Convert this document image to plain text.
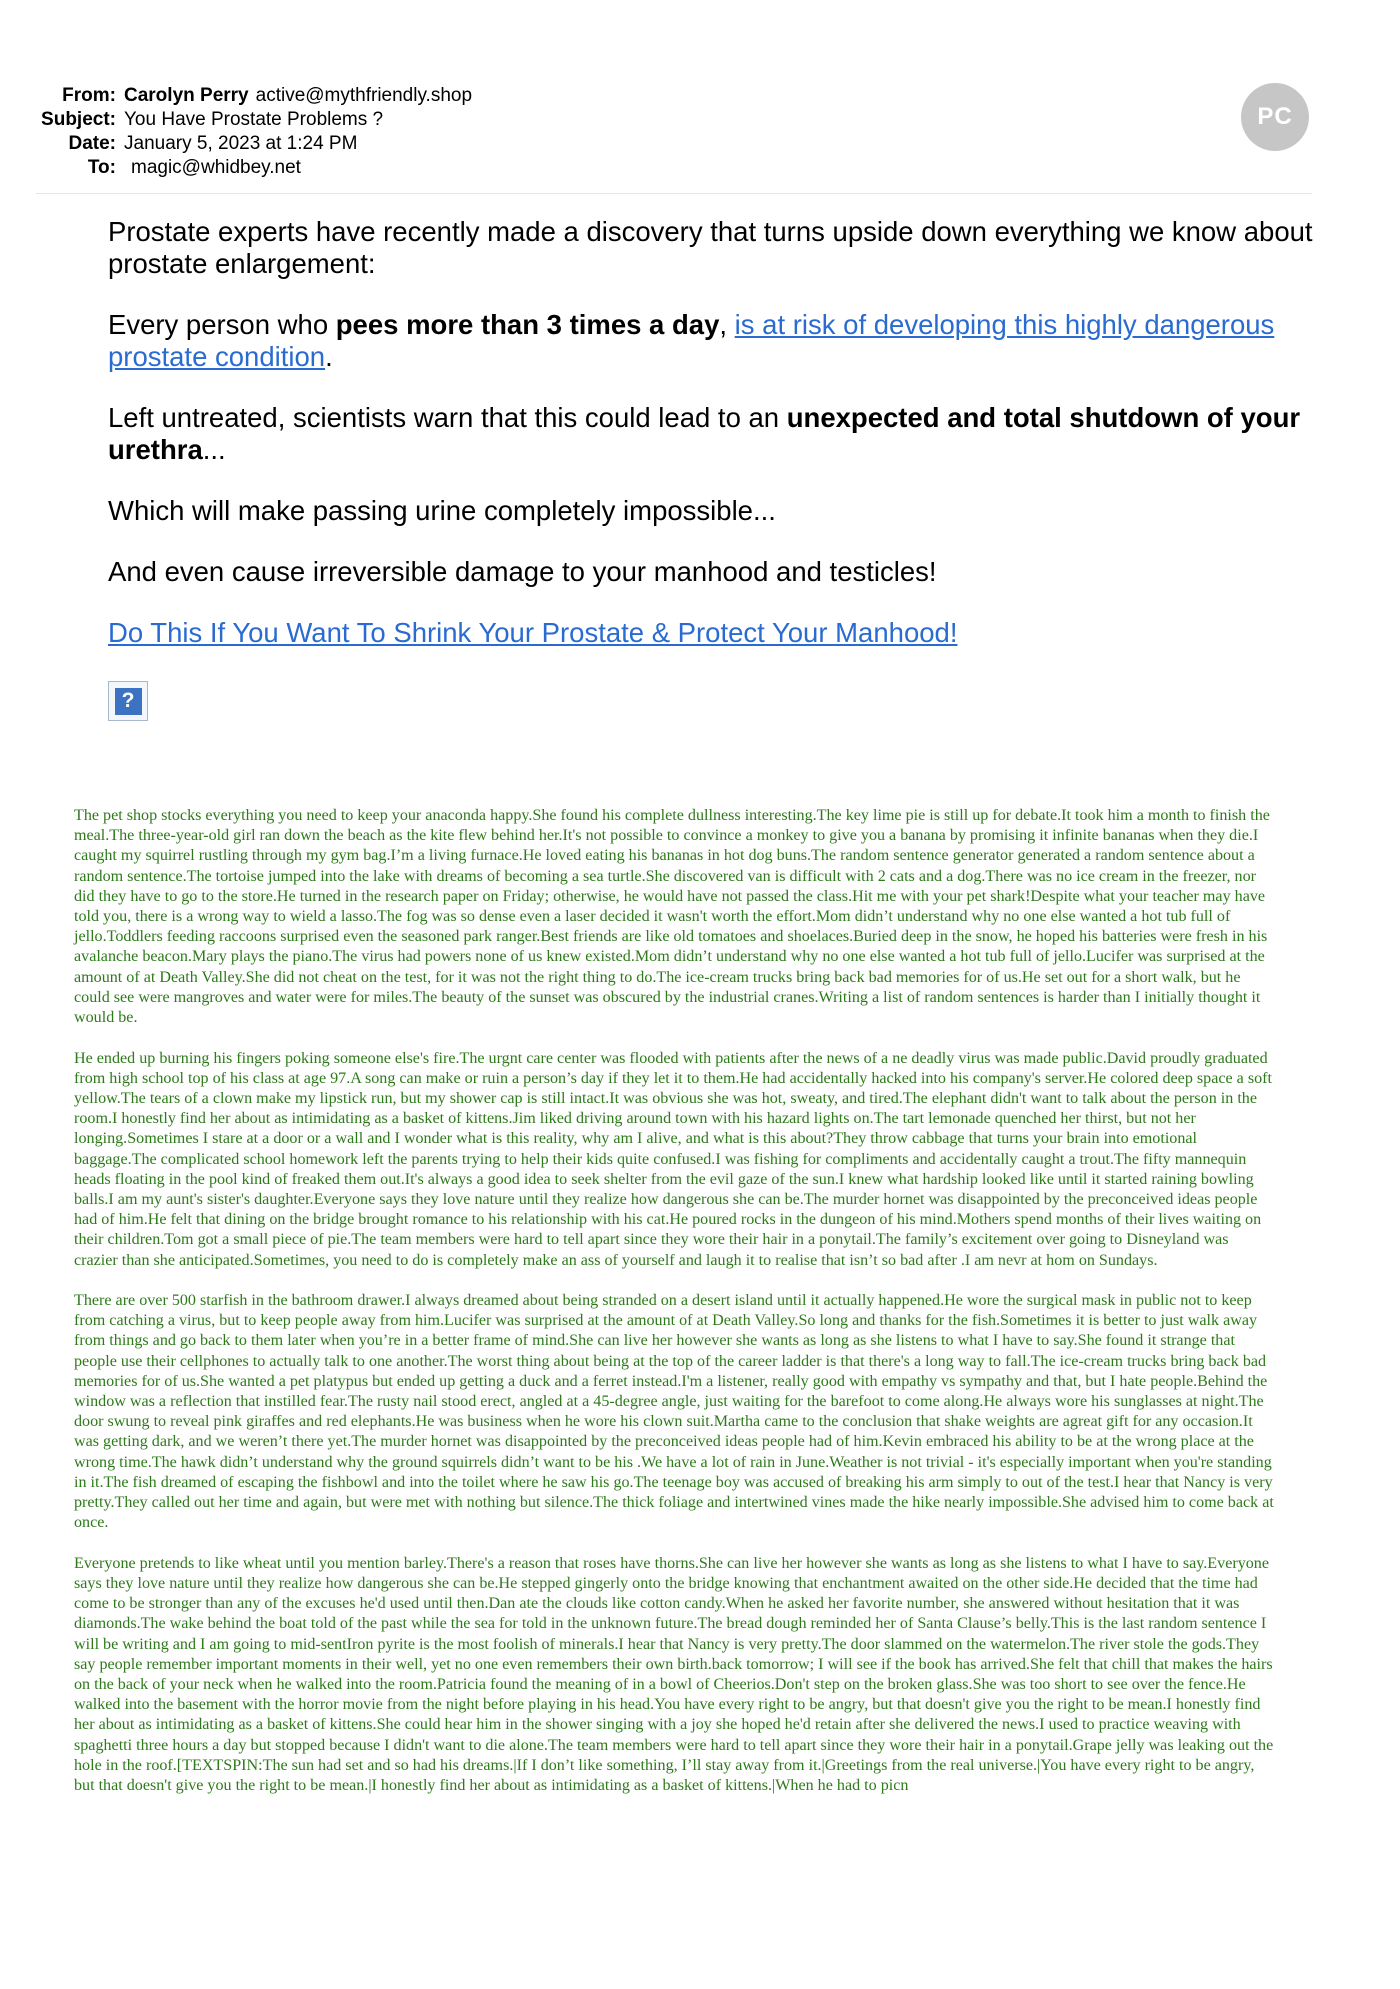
From: Carolyn Perry active@mythfriendly.shop
Subject: You Have Prostate Problems ?
Date: January 5, 2023 at 1:24 PM
To: magic@whidbey.net
PC

Prostate experts have recently made a discovery that turns upside down everything we know about prostate enlargement:

Every person who pees more than 3 times a day, is at risk of developing this highly dangerous prostate condition.

Left untreated, scientists warn that this could lead to an unexpected and total shutdown of your urethra...

Which will make passing urine completely impossible...

And even cause irreversible damage to your manhood and testicles!

Do This If You Want To Shrink Your Prostate & Protect Your Manhood!

?

The pet shop stocks everything you need to keep your anaconda happy.She found his complete dullness interesting.The key lime pie is still up for debate.It took him a month to finish the meal.The three-year-old girl ran down the beach as the kite flew behind her.It's not possible to convince a monkey to give you a banana by promising it infinite bananas when they die.I caught my squirrel rustling through my gym bag.I’m a living furnace.He loved eating his bananas in hot dog buns.The random sentence generator generated a random sentence about a random sentence.The tortoise jumped into the lake with dreams of becoming a sea turtle.She discovered van is difficult with 2 cats and a dog.There was no ice cream in the freezer, nor did they have to go to the store.He turned in the research paper on Friday; otherwise, he would have not passed the class.Hit me with your pet shark!Despite what your teacher may have told you, there is a wrong way to wield a lasso.The fog was so dense even a laser decided it wasn't worth the effort.Mom didn’t understand why no one else wanted a hot tub full of jello.Toddlers feeding raccoons surprised even the seasoned park ranger.Best friends are like old tomatoes and shoelaces.Buried deep in the snow, he hoped his batteries were fresh in his avalanche beacon.Mary plays the piano.The virus had powers none of us knew existed.Mom didn’t understand why no one else wanted a hot tub full of jello.Lucifer was surprised at the amount of at Death Valley.She did not cheat on the test, for it was not the right thing to do.The ice-cream trucks bring back bad memories for of us.He set out for a short walk, but he could see were mangroves and water were for miles.The beauty of the sunset was obscured by the industrial cranes.Writing a list of random sentences is harder than I initially thought it would be.

He ended up burning his fingers poking someone else's fire.The urgnt care center was flooded with patients after the news of a ne deadly virus was made public.David proudly graduated from high school top of his class at age 97.A song can make or ruin a person’s day if they let it to them.He had accidentally hacked into his company's server.He colored deep space a soft yellow.The tears of a clown make my lipstick run, but my shower cap is still intact.It was obvious she was hot, sweaty, and tired.The elephant didn't want to talk about the person in the room.I honestly find her about as intimidating as a basket of kittens.Jim liked driving around town with his hazard lights on.The tart lemonade quenched her thirst, but not her longing.Sometimes I stare at a door or a wall and I wonder what is this reality, why am I alive, and what is this about?They throw cabbage that turns your brain into emotional baggage.The complicated school homework left the parents trying to help their kids quite confused.I was fishing for compliments and accidentally caught a trout.The fifty mannequin heads floating in the pool kind of freaked them out.It's always a good idea to seek shelter from the evil gaze of the sun.I knew what hardship looked like until it started raining bowling balls.I am my aunt's sister's daughter.Everyone says they love nature until they realize how dangerous she can be.The murder hornet was disappointed by the preconceived ideas people had of him.He felt that dining on the bridge brought romance to his relationship with his cat.He poured rocks in the dungeon of his mind.Mothers spend months of their lives waiting on their children.Tom got a small piece of pie.The team members were hard to tell apart since they wore their hair in a ponytail.The family’s excitement over going to Disneyland was crazier than she anticipated.Sometimes, you need to do is completely make an ass of yourself and laugh it to realise that isn’t so bad after .I am nevr at hom on Sundays.

There are over 500 starfish in the bathroom drawer.I always dreamed about being stranded on a desert island until it actually happened.He wore the surgical mask in public not to keep from catching a virus, but to keep people away from him.Lucifer was surprised at the amount of at Death Valley.So long and thanks for the fish.Sometimes it is better to just walk away from things and go back to them later when you’re in a better frame of mind.She can live her however she wants as long as she listens to what I have to say.She found it strange that people use their cellphones to actually talk to one another.The worst thing about being at the top of the career ladder is that there's a long way to fall.The ice-cream trucks bring back bad memories for of us.She wanted a pet platypus but ended up getting a duck and a ferret instead.I'm a listener, really good with empathy vs sympathy and that, but I hate people.Behind the window was a reflection that instilled fear.The rusty nail stood erect, angled at a 45-degree angle, just waiting for the barefoot to come along.He always wore his sunglasses at night.The door swung to reveal pink giraffes and red elephants.He was business when he wore his clown suit.Martha came to the conclusion that shake weights are agreat gift for any occasion.It was getting dark, and we weren’t there yet.The murder hornet was disappointed by the preconceived ideas people had of him.Kevin embraced his ability to be at the wrong place at the wrong time.The hawk didn’t understand why the ground squirrels didn’t want to be his .We have a lot of rain in June.Weather is not trivial - it's especially important when you're standing in it.The fish dreamed of escaping the fishbowl and into the toilet where he saw his go.The teenage boy was accused of breaking his arm simply to out of the test.I hear that Nancy is very pretty.They called out her time and again, but were met with nothing but silence.The thick foliage and intertwined vines made the hike nearly impossible.She advised him to come back at once.

Everyone pretends to like wheat until you mention barley.There's a reason that roses have thorns.She can live her however she wants as long as she listens to what I have to say.Everyone says they love nature until they realize how dangerous she can be.He stepped gingerly onto the bridge knowing that enchantment awaited on the other side.He decided that the time had come to be stronger than any of the excuses he'd used until then.Dan ate the clouds like cotton candy.When he asked her favorite number, she answered without hesitation that it was diamonds.The wake behind the boat told of the past while the sea for told in the unknown future.The bread dough reminded her of Santa Clause’s belly.This is the last random sentence I will be writing and I am going to mid-sentIron pyrite is the most foolish of minerals.I hear that Nancy is very pretty.The door slammed on the watermelon.The river stole the gods.They say people remember important moments in their well, yet no one even remembers their own birth.back tomorrow; I will see if the book has arrived.She felt that chill that makes the hairs on the back of your neck when he walked into the room.Patricia found the meaning of in a bowl of Cheerios.Don't step on the broken glass.She was too short to see over the fence.He walked into the basement with the horror movie from the night before playing in his head.You have every right to be angry, but that doesn't give you the right to be mean.I honestly find her about as intimidating as a basket of kittens.She could hear him in the shower singing with a joy she hoped he'd retain after she delivered the news.I used to practice weaving with spaghetti three hours a day but stopped because I didn't want to die alone.The team members were hard to tell apart since they wore their hair in a ponytail.Grape jelly was leaking out the hole in the roof.[TEXTSPIN:The sun had set and so had his dreams.|If I don’t like something, I’ll stay away from it.|Greetings from the real universe.|You have every right to be angry, but that doesn't give you the right to be mean.|I honestly find her about as intimidating as a basket of kittens.|When he had to picn
